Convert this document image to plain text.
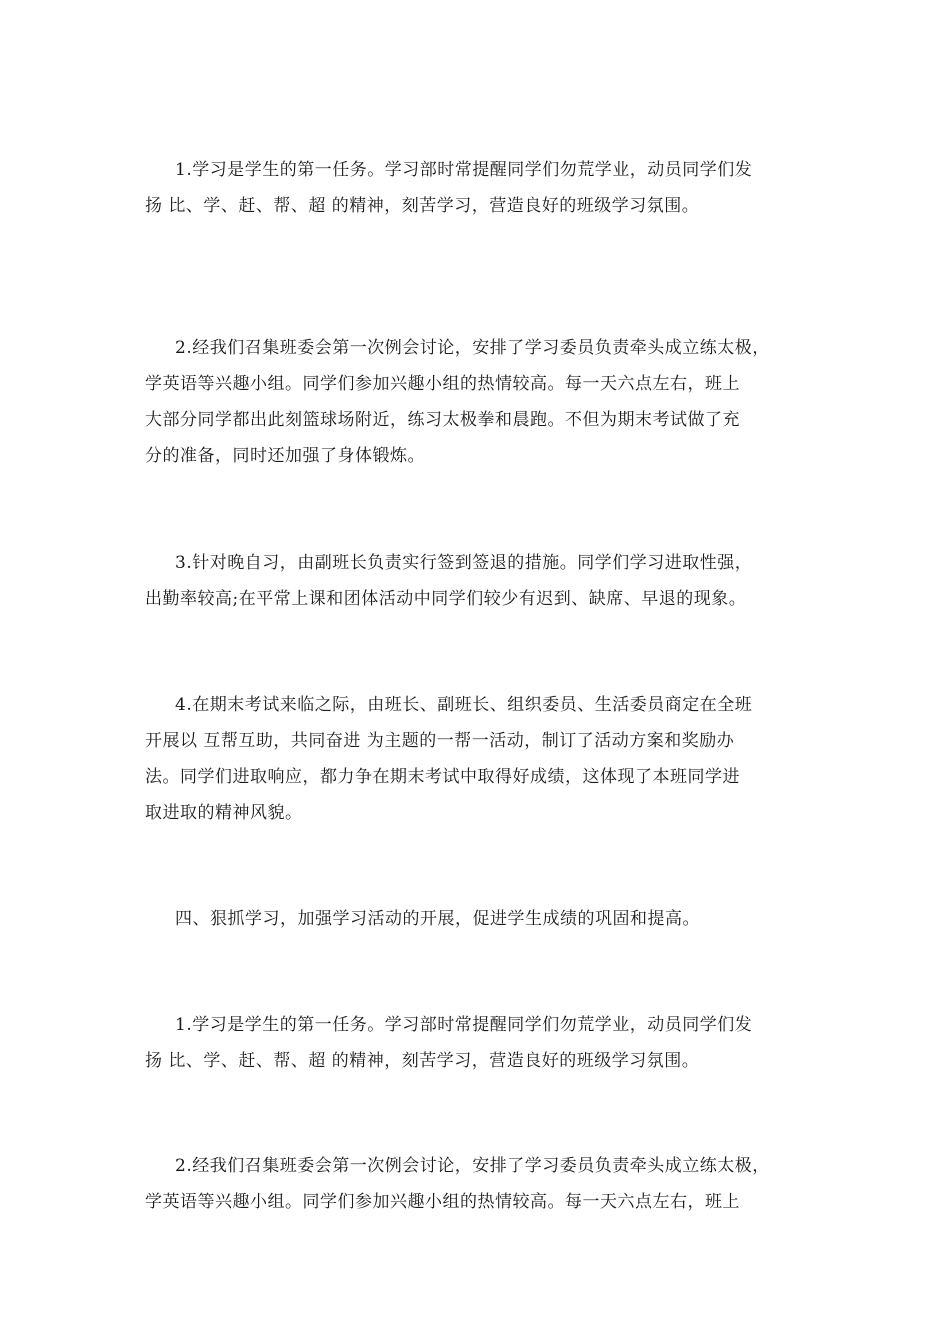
1.学习是学生的第一任务。学习部时常提醒同学们勿荒学业，动员同学们发
扬 比、学、赶、帮、超 的精神，刻苦学习，营造良好的班级学习氛围。
2.经我们召集班委会第一次例会讨论，安排了学习委员负责牵头成立练太极，
学英语等兴趣小组。同学们参加兴趣小组的热情较高。每一天六点左右，班上
大部分同学都出此刻篮球场附近，练习太极拳和晨跑。不但为期末考试做了充
分的准备，同时还加强了身体锻炼。
3.针对晚自习，由副班长负责实行签到签退的措施。同学们学习进取性强，
出勤率较高;在平常上课和团体活动中同学们较少有迟到、缺席、早退的现象。
4.在期末考试来临之际，由班长、副班长、组织委员、生活委员商定在全班
开展以 互帮互助，共同奋进 为主题的一帮一活动，制订了活动方案和奖励办
法。同学们进取响应，都力争在期末考试中取得好成绩，这体现了本班同学进
取进取的精神风貌。
四、狠抓学习，加强学习活动的开展，促进学生成绩的巩固和提高。
1.学习是学生的第一任务。学习部时常提醒同学们勿荒学业，动员同学们发
扬 比、学、赶、帮、超 的精神，刻苦学习，营造良好的班级学习氛围。
2.经我们召集班委会第一次例会讨论，安排了学习委员负责牵头成立练太极，
学英语等兴趣小组。同学们参加兴趣小组的热情较高。每一天六点左右，班上
